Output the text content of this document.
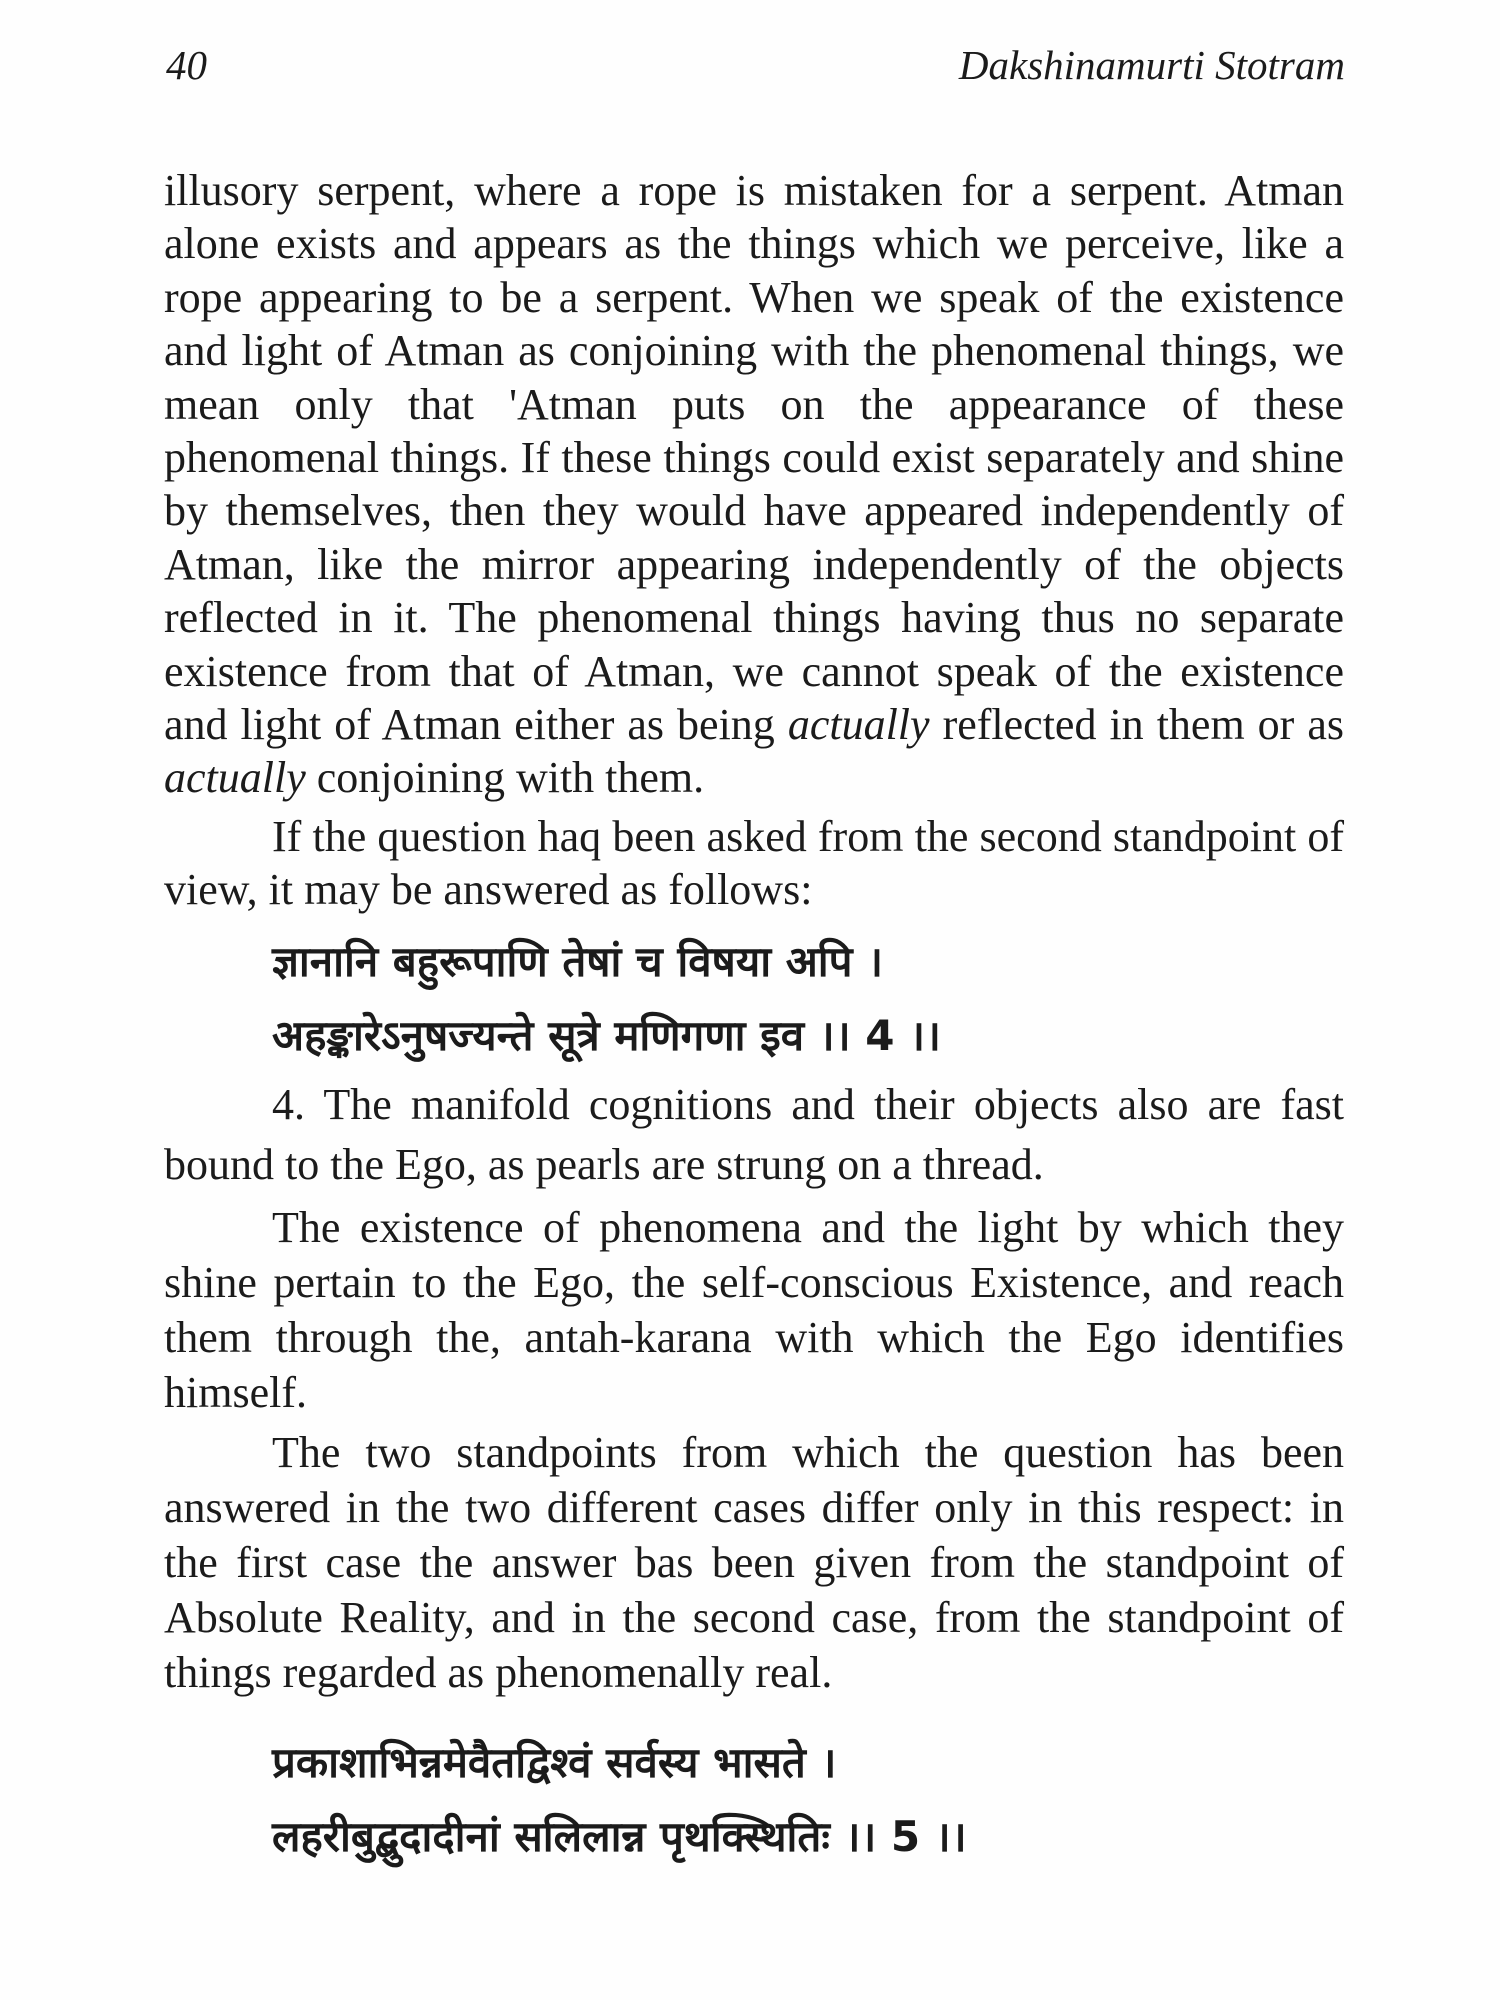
40	Dakshinamurti Stotram

illusory serpent, where a rope is mistaken for a serpent. Atman alone exists and appears as the things which we perceive, like a rope appearing to be a serpent. When we speak of the existence and light of Atman as conjoining with the phenomenal things, we mean only that 'Atman puts on the appearance of these phenomenal things. If these things could exist separately and shine by themselves, then they would have appeared independently of Atman, like the mirror appearing independently of the objects reflected in it. The phenomenal things having thus no separate existence from that of Atman, we cannot speak of the existence and light of Atman either as being actually reflected in them or as actually conjoining with them.

If the question haq been asked from the second standpoint of view, it may be answered as follows:

ज्ञानानि बहुरूपाणि तेषां च विषया अपि ।
अहङ्कारेऽनुषज्यन्ते सूत्रे मणिगणा इव ।। 4 ।।

4. The manifold cognitions and their objects also are fast bound to the Ego, as pearls are strung on a thread.

The existence of phenomena and the light by which they shine pertain to the Ego, the self-conscious Existence, and reach them through the, antah-karana with which the Ego identifies himself.

The two standpoints from which the question has been answered in the two different cases differ only in this respect: in the first case the answer bas been given from the standpoint of Absolute Reality, and in the second case, from the standpoint of things regarded as phenomenally real.

प्रकाशाभिन्नमेवैतद्विश्वं सर्वस्य भासते ।
लहरीबुद्बुदादीनां सलिलान्न पृथक्स्थितिः ।। 5 ।।
